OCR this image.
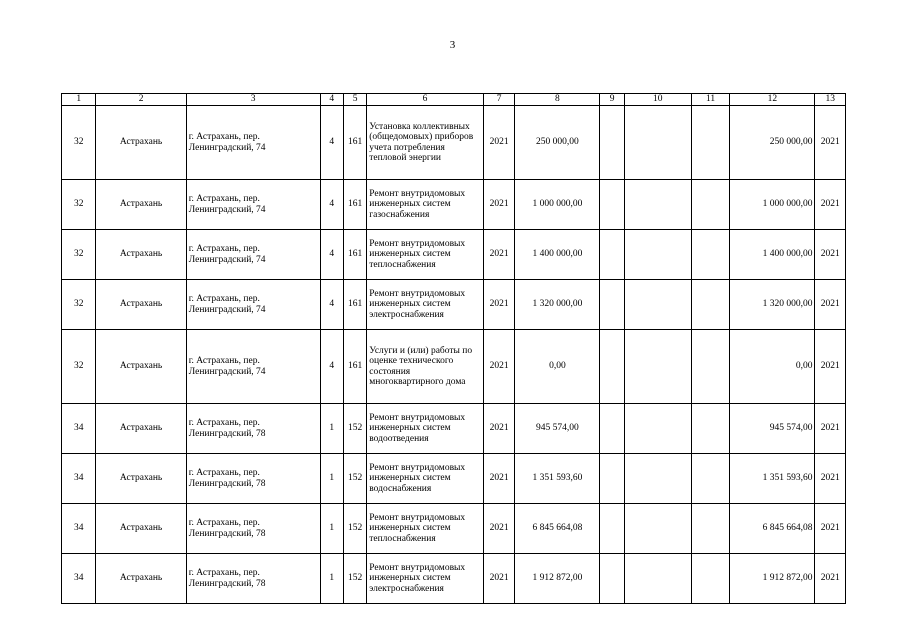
3
1	2	3	4	5	6	7	8	9	10	11	12	13
32	Астрахань	г. Астрахань, пер. Ленинградский, 74	4	161	Установка коллективных (общедомовых) приборов учета потребления тепловой энергии	2021	250 000,00				250 000,00	2021
32	Астрахань	г. Астрахань, пер. Ленинградский, 74	4	161	Ремонт внутридомовых инженерных систем газоснабжения	2021	1 000 000,00				1 000 000,00	2021
32	Астрахань	г. Астрахань, пер. Ленинградский, 74	4	161	Ремонт внутридомовых инженерных систем теплоснабжения	2021	1 400 000,00				1 400 000,00	2021
32	Астрахань	г. Астрахань, пер. Ленинградский, 74	4	161	Ремонт внутридомовых инженерных систем электроснабжения	2021	1 320 000,00				1 320 000,00	2021
32	Астрахань	г. Астрахань, пер. Ленинградский, 74	4	161	Услуги и (или) работы по оценке технического состояния многоквартирного дома	2021	0,00				0,00	2021
34	Астрахань	г. Астрахань, пер. Ленинградский, 78	1	152	Ремонт внутридомовых инженерных систем водоотведения	2021	945 574,00				945 574,00	2021
34	Астрахань	г. Астрахань, пер. Ленинградский, 78	1	152	Ремонт внутридомовых инженерных систем водоснабжения	2021	1 351 593,60				1 351 593,60	2021
34	Астрахань	г. Астрахань, пер. Ленинградский, 78	1	152	Ремонт внутридомовых инженерных систем теплоснабжения	2021	6 845 664,08				6 845 664,08	2021
34	Астрахань	г. Астрахань, пер. Ленинградский, 78	1	152	Ремонт внутридомовых инженерных систем электроснабжения	2021	1 912 872,00				1 912 872,00	2021
